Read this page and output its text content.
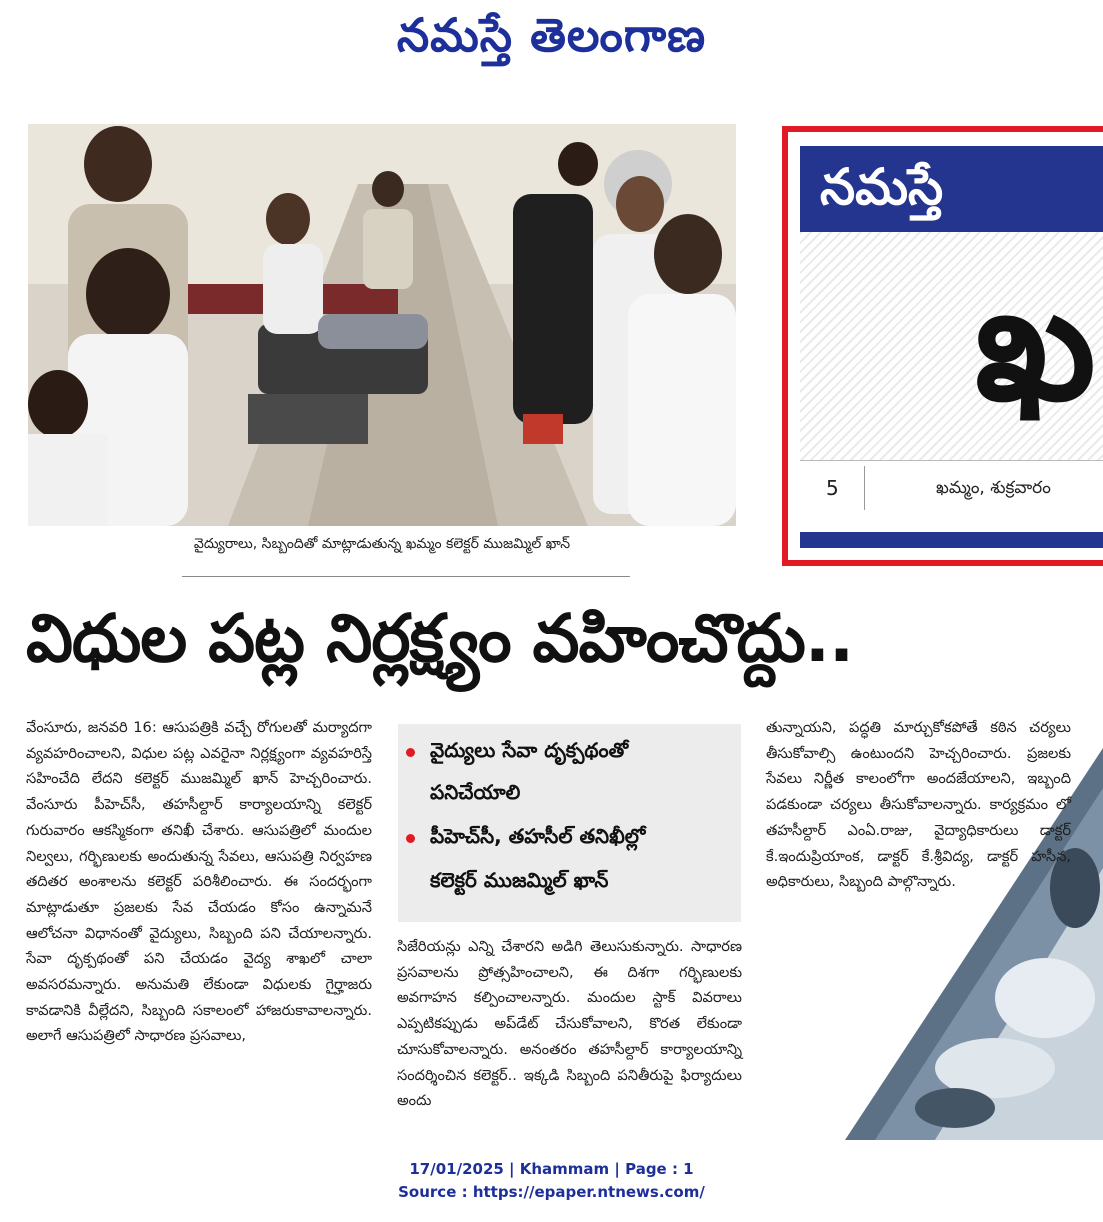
నమస్తే తెలంగాణ
వైద్యురాలు, సిబ్బందితో మాట్లాడుతున్న ఖమ్మం కలెక్టర్ ముజమ్మిల్ ఖాన్
నమస్తే
ఖ
5	ఖమ్మం, శుక్రవారం
విధుల పట్ల నిర్లక్ష్యం వహించొద్దు..

వేంసూరు, జనవరి 16: ఆసుపత్రికి వచ్చే రోగులతో మర్యాదగా వ్యవహరించాలని, విధుల పట్ల ఎవరైనా నిర్లక్ష్యంగా వ్యవహరిస్తే సహించేది లేదని కలెక్టర్ ముజమ్మిల్ ఖాన్ హెచ్చరించారు. వేంసూరు పీహెచ్‌సీ, తహసీల్దార్ కార్యాలయాన్ని కలెక్టర్ గురువారం ఆకస్మికంగా తనిఖీ చేశారు. ఆసుపత్రిలో మందుల నిల్వలు, గర్భిణులకు అందుతున్న సేవలు, ఆసుపత్రి నిర్వహణ తదితర అంశాలను కలెక్టర్ పరిశీలించారు. ఈ సందర్భంగా మాట్లాడుతూ ప్రజలకు సేవ చేయడం కోసం ఉన్నామనే ఆలోచనా విధానంతో వైద్యులు, సిబ్బంది పని చేయాలన్నారు. సేవా దృక్పథంతో పని చేయడం వైద్య శాఖలో చాలా అవసరమన్నారు. అనుమతి లేకుండా విధులకు గైర్హాజరు కావడానికి వీల్లేదని, సిబ్బంది సకాలంలో హాజరుకావాలన్నారు. అలాగే ఆసుపత్రిలో సాధారణ ప్రసవాలు,

వైద్యులు సేవా దృక్పథంతో
పనిచేయాలి
పీహెచ్‌సీ, తహసీల్ తనిఖీల్లో
కలెక్టర్ ముజమ్మిల్ ఖాన్

సిజేరియన్లు ఎన్ని చేశారని అడిగి తెలుసుకున్నారు. సాధారణ ప్రసవాలను ప్రోత్సహించాలని, ఈ దిశగా గర్భిణులకు అవగాహన కల్పించాలన్నారు. మందుల స్టాక్ వివరాలు ఎప్పటికప్పుడు అప్‌డేట్ చేసుకోవాలని, కొరత లేకుండా చూసుకోవాలన్నారు. అనంతరం తహసీల్దార్ కార్యాలయాన్ని సందర్శించిన కలెక్టర్.. ఇక్కడి సిబ్బంది పనితీరుపై ఫిర్యాదులు అందు

తున్నాయని, పద్ధతి మార్చుకోకపోతే కఠిన చర్యలు తీసుకోవాల్సి ఉంటుందని హెచ్చరించారు. ప్రజలకు సేవలు నిర్ణీత కాలంలోగా అందజేయాలని, ఇబ్బంది పడకుండా చర్యలు తీసుకోవాలన్నారు. కార్యక్రమం లో తహసీల్దార్ ఎంఏ.రాజు, వైద్యాధికారులు డాక్టర్ కే.ఇందుప్రియాంక, డాక్టర్ కే.శ్రీవిద్య, డాక్టర్ హసీన, అధికారులు, సిబ్బంది పాల్గొన్నారు.

17/01/2025 | Khammam | Page : 1
Source : https://epaper.ntnews.com/
